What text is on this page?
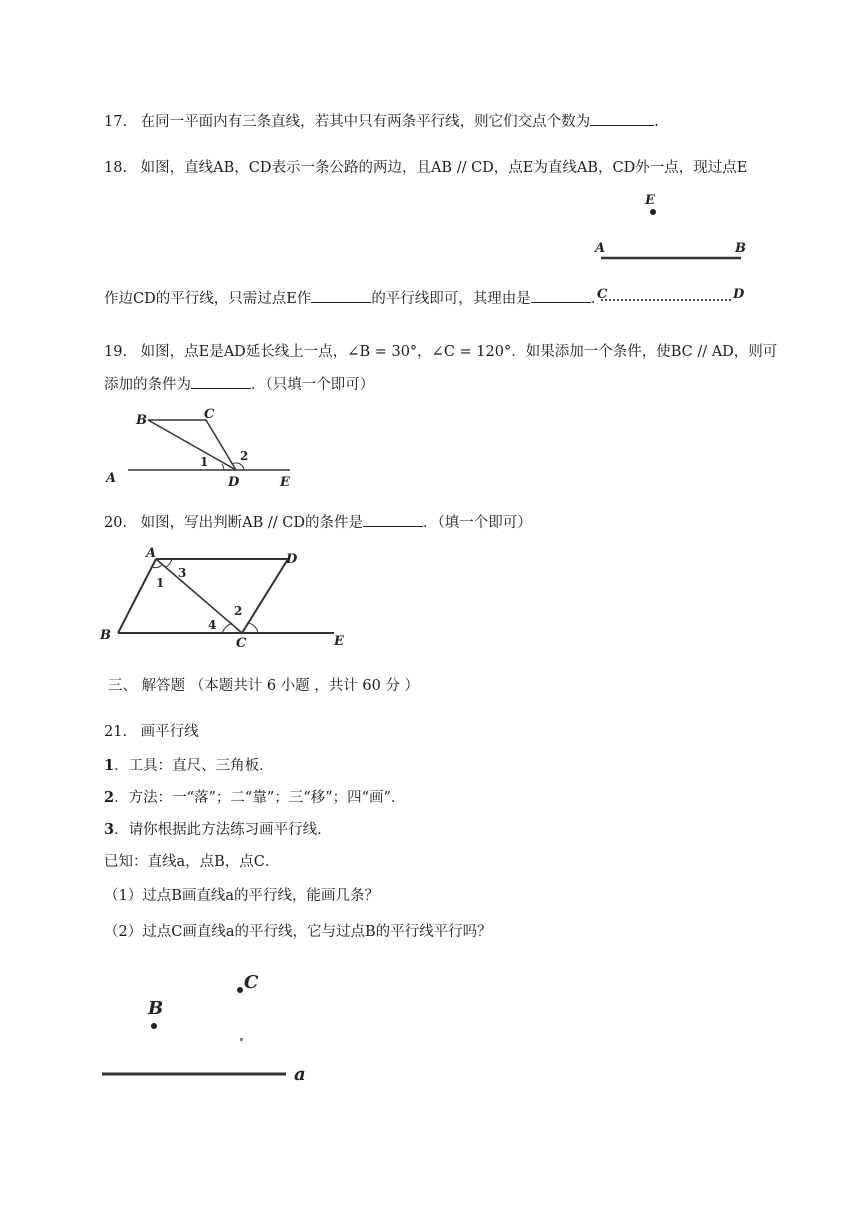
17. 在同一平面内有三条直线，若其中只有两条平行线，则它们交点个数为	.
18. 如图，直线AB，CD表示一条公路的两边，且AB // CD，点E为直线AB，CD外一点，现过点E
作边CD的平行线，只需过点E作	的平行线即可，其理由是	.
E
A	B
C	D
19. 如图，点E是AD延长线上一点，∠B = 30°，∠C = 120°．如果添加一个条件，使BC // AD，则可
添加的条件为	．（只填一个即可）
B	C
A	D	E
1	2
20. 如图，写出判断AB // CD的条件是	．（填一个即可）
A	D
B
C	E
1
3
4
2
三、 解答题 （本题共计 6 小题 ，共计 60 分 ）
21. 画平行线
1．工具：直尺、三角板．
2．方法：一“落”；二“靠”；三“移”；四“画”．
3．请你根据此方法练习画平行线．
已知：直线a，点B，点C．
（1）过点B画直线a的平行线，能画几条？
（2）过点C画直线a的平行线，它与过点B的平行线平行吗？
C
B
a
